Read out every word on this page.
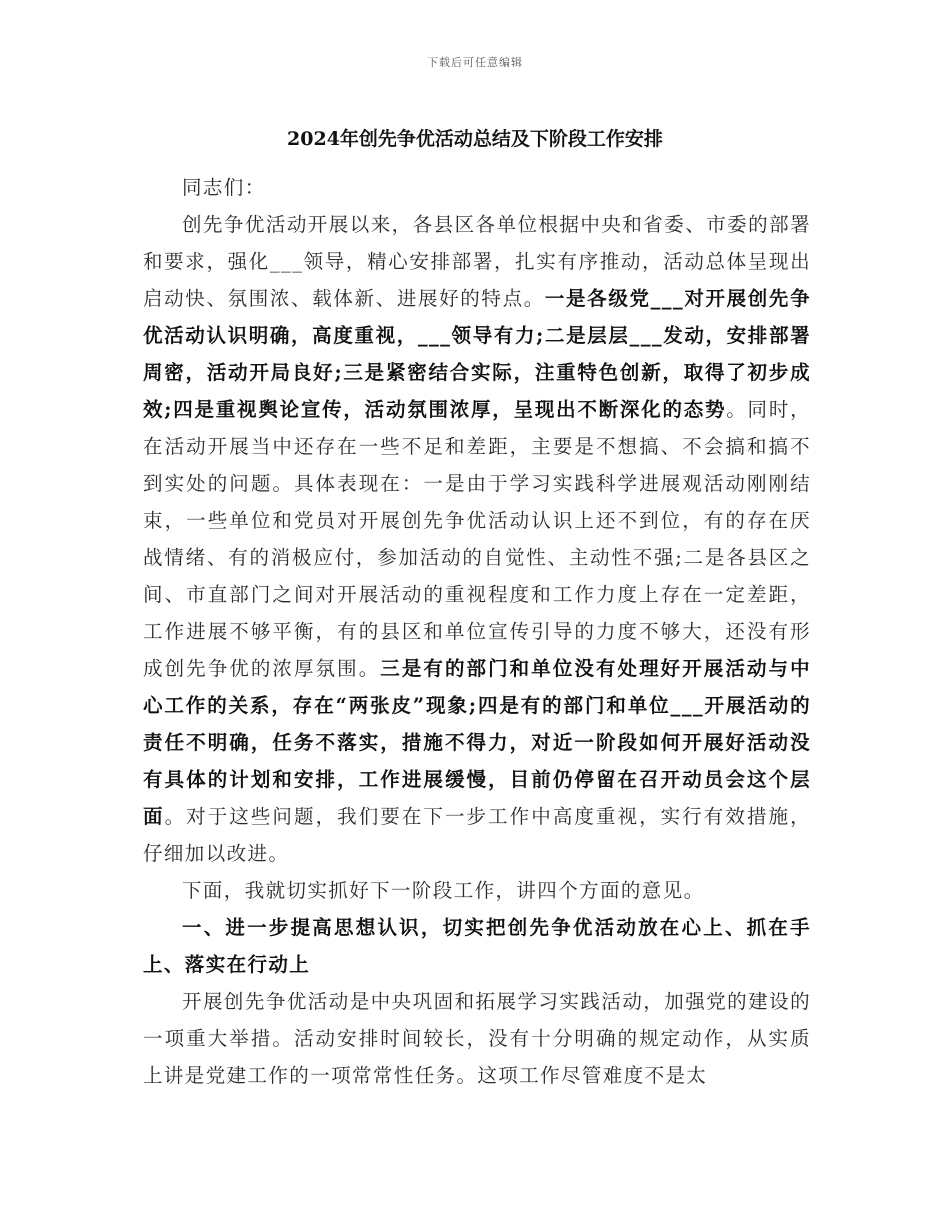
下载后可任意编辑
2024年创先争优活动总结及下阶段工作安排

同志们：

创先争优活动开展以来，各县区各单位根据中央和省委、市委的部署和要求，强化___领导，精心安排部署，扎实有序推动，活动总体呈现出启动快、氛围浓、载体新、进展好的特点。一是各级党___对开展创先争优活动认识明确，高度重视，___领导有力;二是层层___发动，安排部署周密，活动开局良好;三是紧密结合实际，注重特色创新，取得了初步成效;四是重视舆论宣传，活动氛围浓厚，呈现出不断深化的态势。同时，在活动开展当中还存在一些不足和差距，主要是不想搞、不会搞和搞不到实处的问题。具体表现在：一是由于学习实践科学进展观活动刚刚结束，一些单位和党员对开展创先争优活动认识上还不到位，有的存在厌战情绪、有的消极应付，参加活动的自觉性、主动性不强;二是各县区之间、市直部门之间对开展活动的重视程度和工作力度上存在一定差距，工作进展不够平衡，有的县区和单位宣传引导的力度不够大，还没有形成创先争优的浓厚氛围。三是有的部门和单位没有处理好开展活动与中心工作的关系，存在“两张皮”现象;四是有的部门和单位___开展活动的责任不明确，任务不落实，措施不得力，对近一阶段如何开展好活动没有具体的计划和安排，工作进展缓慢，目前仍停留在召开动员会这个层面。对于这些问题，我们要在下一步工作中高度重视，实行有效措施，仔细加以改进。

下面，我就切实抓好下一阶段工作，讲四个方面的意见。

一、进一步提高思想认识，切实把创先争优活动放在心上、抓在手上、落实在行动上

开展创先争优活动是中央巩固和拓展学习实践活动，加强党的建设的一项重大举措。活动安排时间较长，没有十分明确的规定动作，从实质上讲是党建工作的一项常常性任务。这项工作尽管难度不是太
